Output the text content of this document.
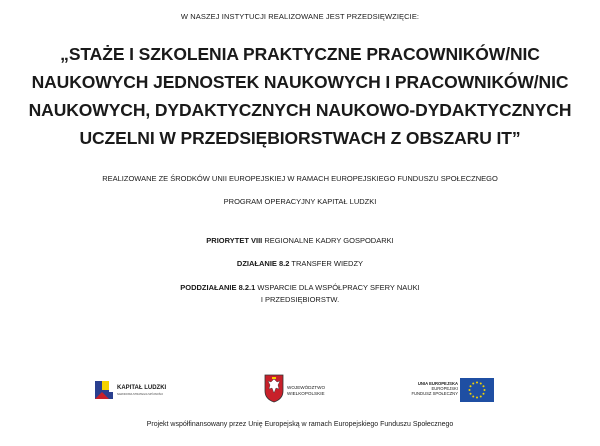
W NASZEJ INSTYTUCJI REALIZOWANE JEST PRZEDSIĘWZIĘCIE:
„STAŻE I SZKOLENIA PRAKTYCZNE PRACOWNIKÓW/NIC
NAUKOWYCH JEDNOSTEK NAUKOWYCH I PRACOWNIKÓW/NIC
NAUKOWYCH, DYDAKTYCZNYCH NAUKOWO-DYDAKTYCZNYCH
UCZELNI W PRZEDSIĘBIORSTWACH Z OBSZARU IT”
REALIZOWANE ZE ŚRODKÓW UNII EUROPEJSKIEJ W RAMACH EUROPEJSKIEGO FUNDUSZU SPOŁECZNEGO
PROGRAM OPERACYJNY KAPITAŁ LUDZKI
PRIORYTET VIII REGIONALNE KADRY GOSPODARKI
DZIAŁANIE 8.2 TRANSFER WIEDZY
PODDZIAŁANIE 8.2.1 WSPARCIE DLA WSPÓŁPRACY SFERY NAUKI
I PRZEDSIĘBIORSTW.
KAPITAŁ LUDZKI
NARODOWA STRATEGIA SPÓJNOŚCI
WOJEWÓDZTWO
WIELKOPOLSKIE
UNIA EUROPEJSKA
EUROPEJSKI
FUNDUSZ SPOŁECZNY
Projekt współfinansowany przez Unię Europejską w ramach Europejskiego Funduszu Społecznego
